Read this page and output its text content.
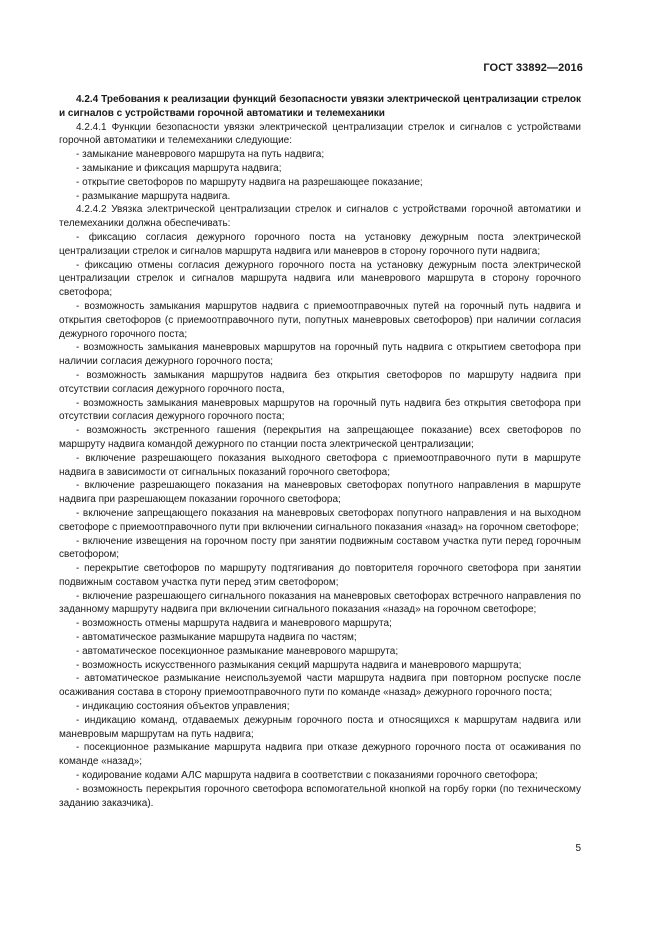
ГОСТ 33892—2016

4.2.4 Требования к реализации функций безопасности увязки электрической централизации стрелок и сигналов с устройствами горочной автоматики и телемеханики

4.2.4.1 Функции безопасности увязки электрической централизации стрелок и сигналов с устройствами горочной автоматики и телемеханики следующие:

- замыкание маневрового маршрута на путь надвига;

- замыкание и фиксация маршрута надвига;

- открытие светофоров по маршруту надвига на разрешающее показание;

- размыкание маршрута надвига.

4.2.4.2 Увязка электрической централизации стрелок и сигналов с устройствами горочной автоматики и телемеханики должна обеспечивать:

- фиксацию согласия дежурного горочного поста на установку дежурным поста электрической централизации стрелок и сигналов маршрута надвига или маневров в сторону горочного пути надвига;

- фиксацию отмены согласия дежурного горочного поста на установку дежурным поста электрической централизации стрелок и сигналов маршрута надвига или маневрового маршрута в сторону горочного светофора;

- возможность замыкания маршрутов надвига с приемоотправочных путей на горочный путь надвига и открытия светофоров (с приемоотправочного пути, попутных маневровых светофоров) при наличии согласия дежурного горочного поста;

- возможность замыкания маневровых маршрутов на горочный путь надвига с открытием светофора при наличии согласия дежурного горочного поста;

- возможность замыкания маршрутов надвига без открытия светофоров по маршруту надвига при отсутствии согласия дежурного горочного поста,

- возможность замыкания маневровых маршрутов на горочный путь надвига без открытия светофора при отсутствии согласия дежурного горочного поста;

- возможность экстренного гашения (перекрытия на запрещающее показание) всех светофоров по маршруту надвига командой дежурного по станции поста электрической централизации;

- включение разрешающего показания выходного светофора с приемоотправочного пути в маршруте надвига в зависимости от сигнальных показаний горочного светофора;

- включение разрешающего показания на маневровых светофорах попутного направления в маршруте надвига при разрешающем показании горочного светофора;

- включение запрещающего показания на маневровых светофорах попутного направления и на выходном светофоре с приемоотправочного пути при включении сигнального показания «назад» на горочном светофоре;

- включение извещения на горочном посту при занятии подвижным составом участка пути перед горочным светофором;

- перекрытие светофоров по маршруту подтягивания до повторителя горочного светофора при занятии подвижным составом участка пути перед этим светофором;

- включение разрешающего сигнального показания на маневровых светофорах встречного направления по заданному маршруту надвига при включении сигнального показания «назад» на горочном светофоре;

- возможность отмены маршрута надвига и маневрового маршрута;

- автоматическое размыкание маршрута надвига по частям;

- автоматическое посекционное размыкание маневрового маршрута;

- возможность искусственного размыкания секций маршрута надвига и маневрового маршрута;

- автоматическое размыкание неиспользуемой части маршрута надвига при повторном роспуске после осаживания состава в сторону приемоотправочного пути по команде «назад» дежурного горочного поста;

- индикацию состояния объектов управления;

- индикацию команд, отдаваемых дежурным горочного поста и относящихся к маршрутам надвига или маневровым маршрутам на путь надвига;

- посекционное размыкание маршрута надвига при отказе дежурного горочного поста от осаживания по команде «назад»;

- кодирование кодами АЛС маршрута надвига в соответствии с показаниями горочного светофора;

- возможность перекрытия горочного светофора вспомогательной кнопкой на горбу горки (по техническому заданию заказчика).

5
